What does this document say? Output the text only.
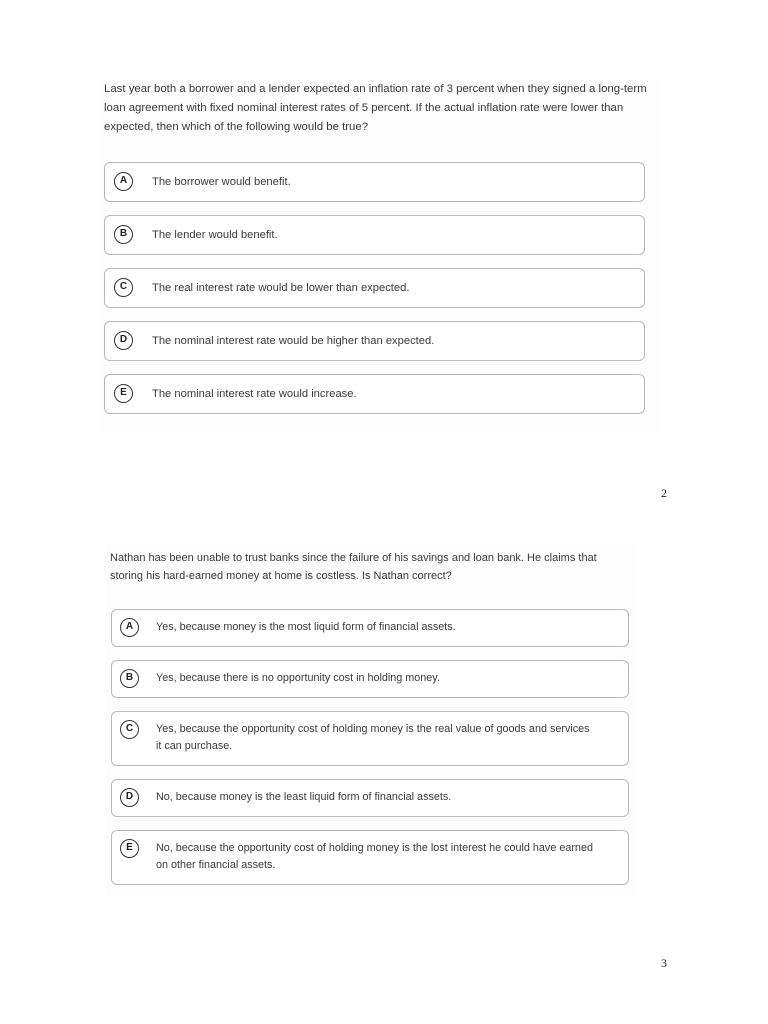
Last year both a borrower and a lender expected an inflation rate of 3 percent when they signed a long-term loan agreement with fixed nominal interest rates of 5 percent. If the actual inflation rate were lower than expected, then which of the following would be true?

A	The borrower would benefit.
B	The lender would benefit.
C	The real interest rate would be lower than expected.
D	The nominal interest rate would be higher than expected.
E	The nominal interest rate would increase.
2

Nathan has been unable to trust banks since the failure of his savings and loan bank. He claims that storing his hard-earned money at home is costless. Is Nathan correct?

A	Yes, because money is the most liquid form of financial assets.
B	Yes, because there is no opportunity cost in holding money.
C	Yes, because the opportunity cost of holding money is the real value of goods and services it can purchase.
D	No, because money is the least liquid form of financial assets.
E	No, because the opportunity cost of holding money is the lost interest he could have earned on other financial assets.
3
